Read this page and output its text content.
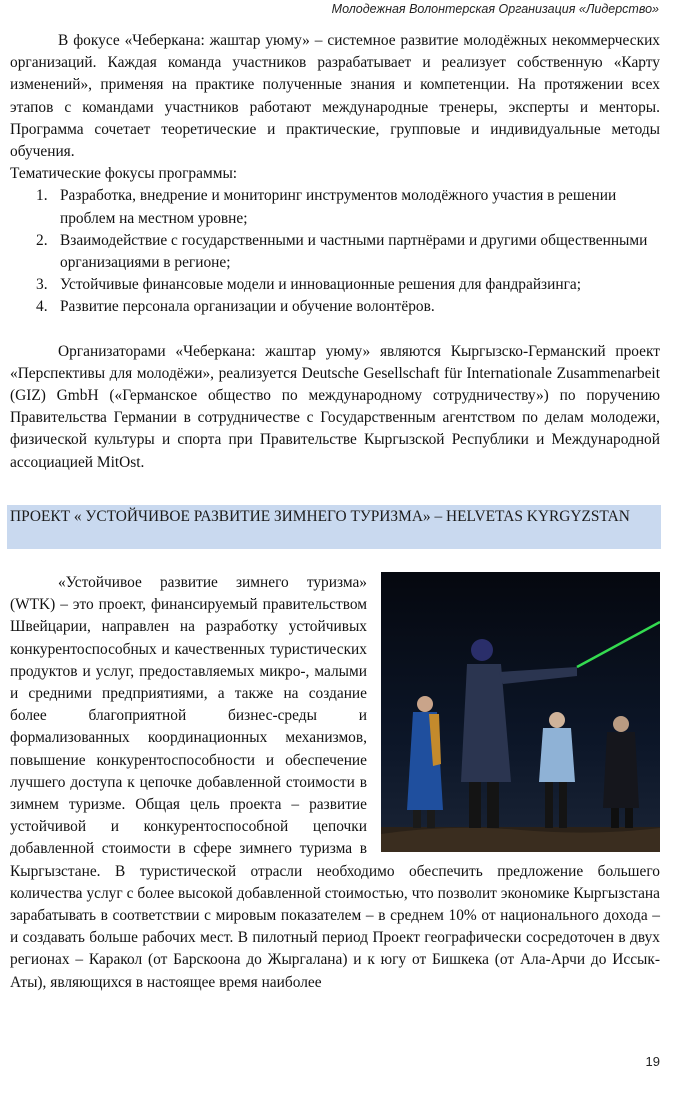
Молодежная Волонтерская Организация «Лидерство»

В фокусе «Чеберкана: жаштар уюму» – системное развитие молодёжных некоммерческих организаций. Каждая команда участников разрабатывает и реализует собственную «Карту изменений», применяя на практике полученные знания и компетенции. На протяжении всех этапов с командами участников работают международные тренеры, эксперты и менторы. Программа сочетает теоретические и практические, групповые и индивидуальные методы обучения.

Тематические фокусы программы:

1. Разработка, внедрение и мониторинг инструментов молодёжного участия в решении проблем на местном уровне;
2. Взаимодействие с государственными и частными партнёрами и другими общественными организациями в регионе;
3. Устойчивые финансовые модели и инновационные решения для фандрайзинга;
4. Развитие персонала организации и обучение волонтёров.

Организаторами «Чеберкана: жаштар уюму» являются Кыргызско-Германский проект «Перспективы для молодёжи», реализуется Deutsche Gesellschaft für Internationale Zusammenarbeit (GIZ) GmbH («Германское общество по международному сотрудничеству») по поручению Правительства Германии в сотрудничестве с Государственным агентством по делам молодежи, физической культуры и спорта при Правительстве Кыргызской Республики и Международной ассоциацией MitOst.

ПРОЕКТ « УСТОЙЧИВОЕ РАЗВИТИЕ ЗИМНЕГО ТУРИЗМА» – HELVETAS KYRGYZSTAN

«Устойчивое развитие зимнего туризма» (WTK) – это проект, финансируемый правительством Швейцарии, направлен на разработку устойчивых конкурентоспособных и качественных туристических продуктов и услуг, предоставляемых микро-, малыми и средними предприятиями, а также на создание более благоприятной бизнес-среды и формализованных координационных механизмов, повышение конкурентоспособности и обеспечение лучшего доступа к цепочке добавленной стоимости в зимнем туризме. Общая цель проекта – развитие устойчивой и конкурентоспособной цепочки добавленной стоимости в сфере зимнего туризма в Кыргызстане. В туристической отрасли необходимо обеспечить предложение большего количества услуг с более высокой добавленной стоимостью, что позволит экономике Кыргызстана зарабатывать в соответствии с мировым показателем – в среднем 10% от национального дохода – и создавать больше рабочих мест. В пилотный период Проект географически сосредоточен в двух регионах – Каракол (от Барскоона до Жыргалана) и к югу от Бишкека (от Ала-Арчи до Иссык-Аты), являющихся в настоящее время наиболее

19
